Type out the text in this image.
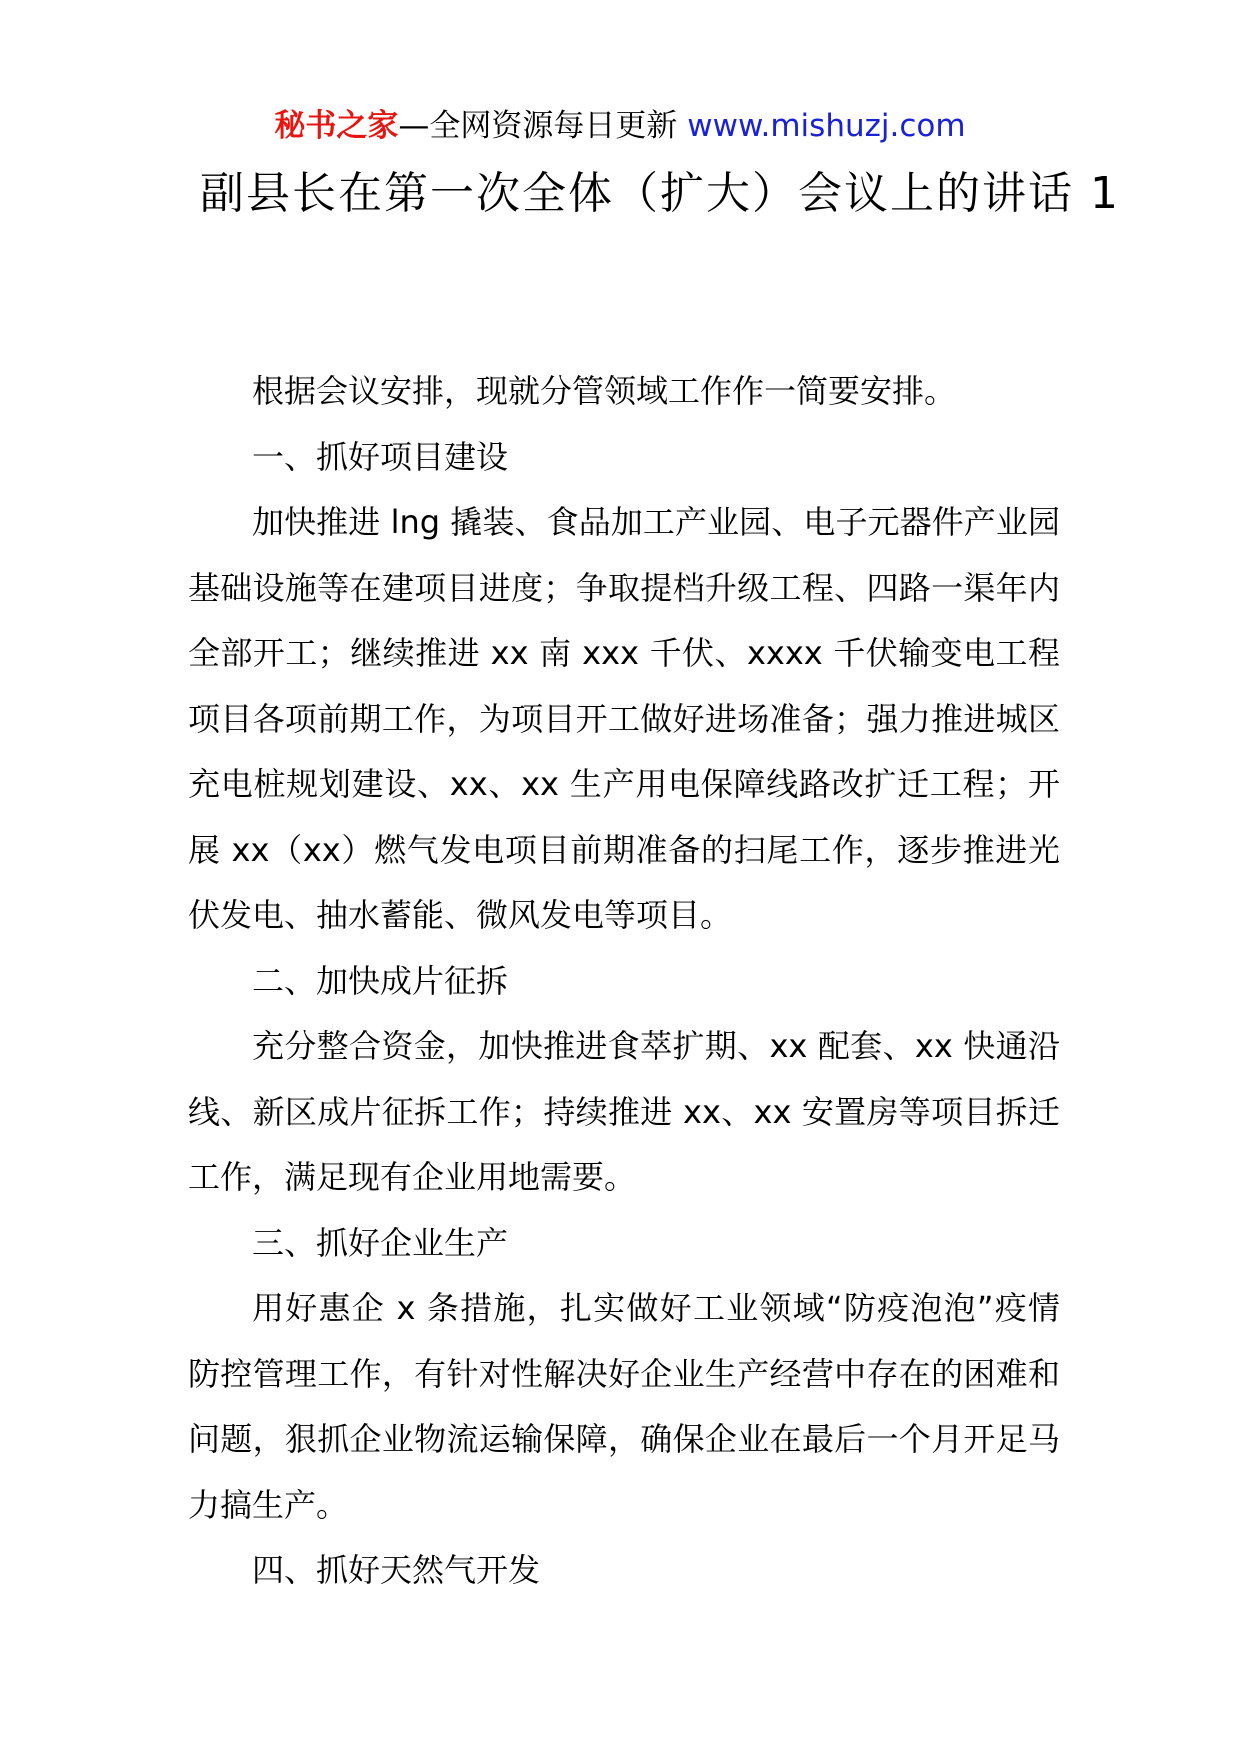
秘书之家—全网资源每日更新 www.mishuzj.com
副县长在第一次全体（扩大）会议上的讲话 1

根据会议安排，现就分管领域工作作一简要安排。

一、抓好项目建设

加快推进 lng 撬装、食品加工产业园、电子元器件产业园基础设施等在建项目进度；争取提档升级工程、四路一渠年内全部开工；继续推进 xx 南 xxx 千伏、xxxx 千伏输变电工程项目各项前期工作，为项目开工做好进场准备；强力推进城区充电桩规划建设、xx、xx 生产用电保障线路改扩迁工程；开展 xx（xx）燃气发电项目前期准备的扫尾工作，逐步推进光伏发电、抽水蓄能、微风发电等项目。

二、加快成片征拆

充分整合资金，加快推进食萃扩期、xx 配套、xx 快通沿线、新区成片征拆工作；持续推进 xx、xx 安置房等项目拆迁工作，满足现有企业用地需要。

三、抓好企业生产

用好惠企 x 条措施，扎实做好工业领域“防疫泡泡”疫情防控管理工作，有针对性解决好企业生产经营中存在的困难和问题，狠抓企业物流运输保障，确保企业在最后一个月开足马力搞生产。

四、抓好天然气开发
